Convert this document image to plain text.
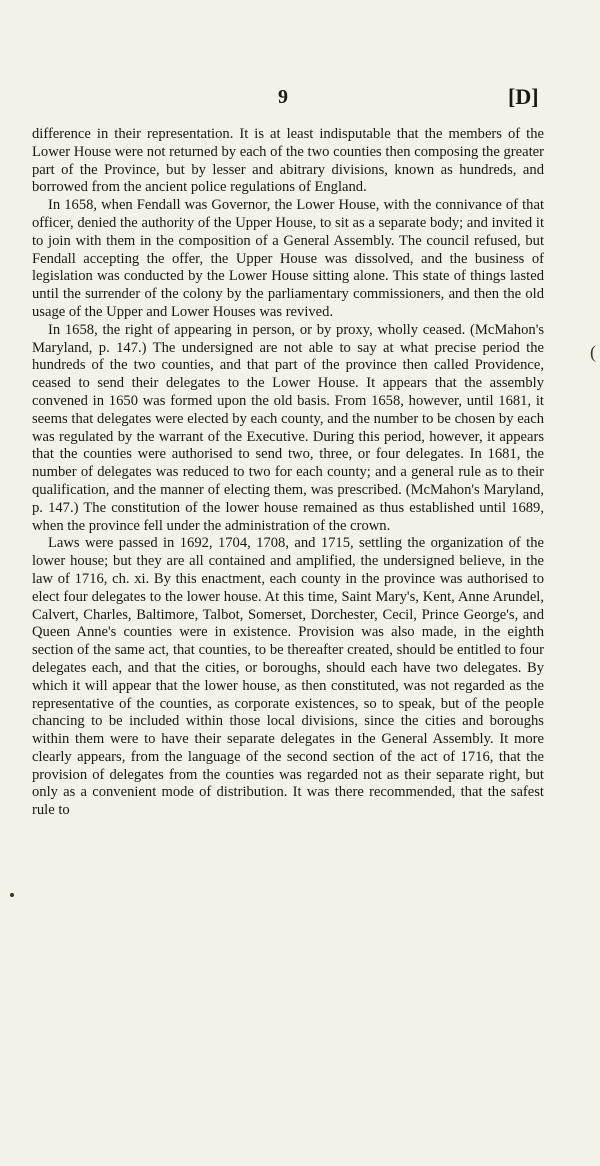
9	[D]

difference in their representation. It is at least indisputable that the members of the Lower House were not returned by each of the two counties then composing the greater part of the Province, but by lesser and abitrary divisions, known as hundreds, and borrowed from the ancient police regulations of England.

In 1658, when Fendall was Governor, the Lower House, with the connivance of that officer, denied the authority of the Upper House, to sit as a separate body; and invited it to join with them in the composition of a General Assembly. The council refused, but Fendall accepting the offer, the Upper House was dissolved, and the business of legislation was conducted by the Lower House sitting alone. This state of things lasted until the surrender of the colony by the parliamentary commissioners, and then the old usage of the Upper and Lower Houses was revived.

In 1658, the right of appearing in person, or by proxy, wholly ceased. (McMahon's Maryland, p. 147.) The undersigned are not able to say at what precise period the hundreds of the two counties, and that part of the province then called Providence, ceased to send their delegates to the Lower House. It appears that the assembly convened in 1650 was formed upon the old basis. From 1658, however, until 1681, it seems that delegates were elected by each county, and the number to be chosen by each was regulated by the warrant of the Executive. During this period, however, it appears that the counties were authorised to send two, three, or four delegates. In 1681, the number of delegates was reduced to two for each county; and a general rule as to their qualification, and the manner of electing them, was prescribed. (McMahon's Maryland, p. 147.) The constitution of the lower house remained as thus established until 1689, when the province fell under the administration of the crown.

Laws were passed in 1692, 1704, 1708, and 1715, settling the organization of the lower house; but they are all contained and amplified, the undersigned believe, in the law of 1716, ch. xi. By this enactment, each county in the province was authorised to elect four delegates to the lower house. At this time, Saint Mary's, Kent, Anne Arundel, Calvert, Charles, Baltimore, Talbot, Somerset, Dorchester, Cecil, Prince George's, and Queen Anne's counties were in existence. Provision was also made, in the eighth section of the same act, that counties, to be thereafter created, should be entitled to four delegates each, and that the cities, or boroughs, should each have two delegates. By which it will appear that the lower house, as then constituted, was not regarded as the representative of the counties, as corporate existences, so to speak, but of the people chancing to be included within those local divisions, since the cities and boroughs within them were to have their separate delegates in the General Assembly. It more clearly appears, from the language of the second section of the act of 1716, that the provision of delegates from the counties was regarded not as their separate right, but only as a convenient mode of distribution. It was there recommended, that the safest rule to

(
